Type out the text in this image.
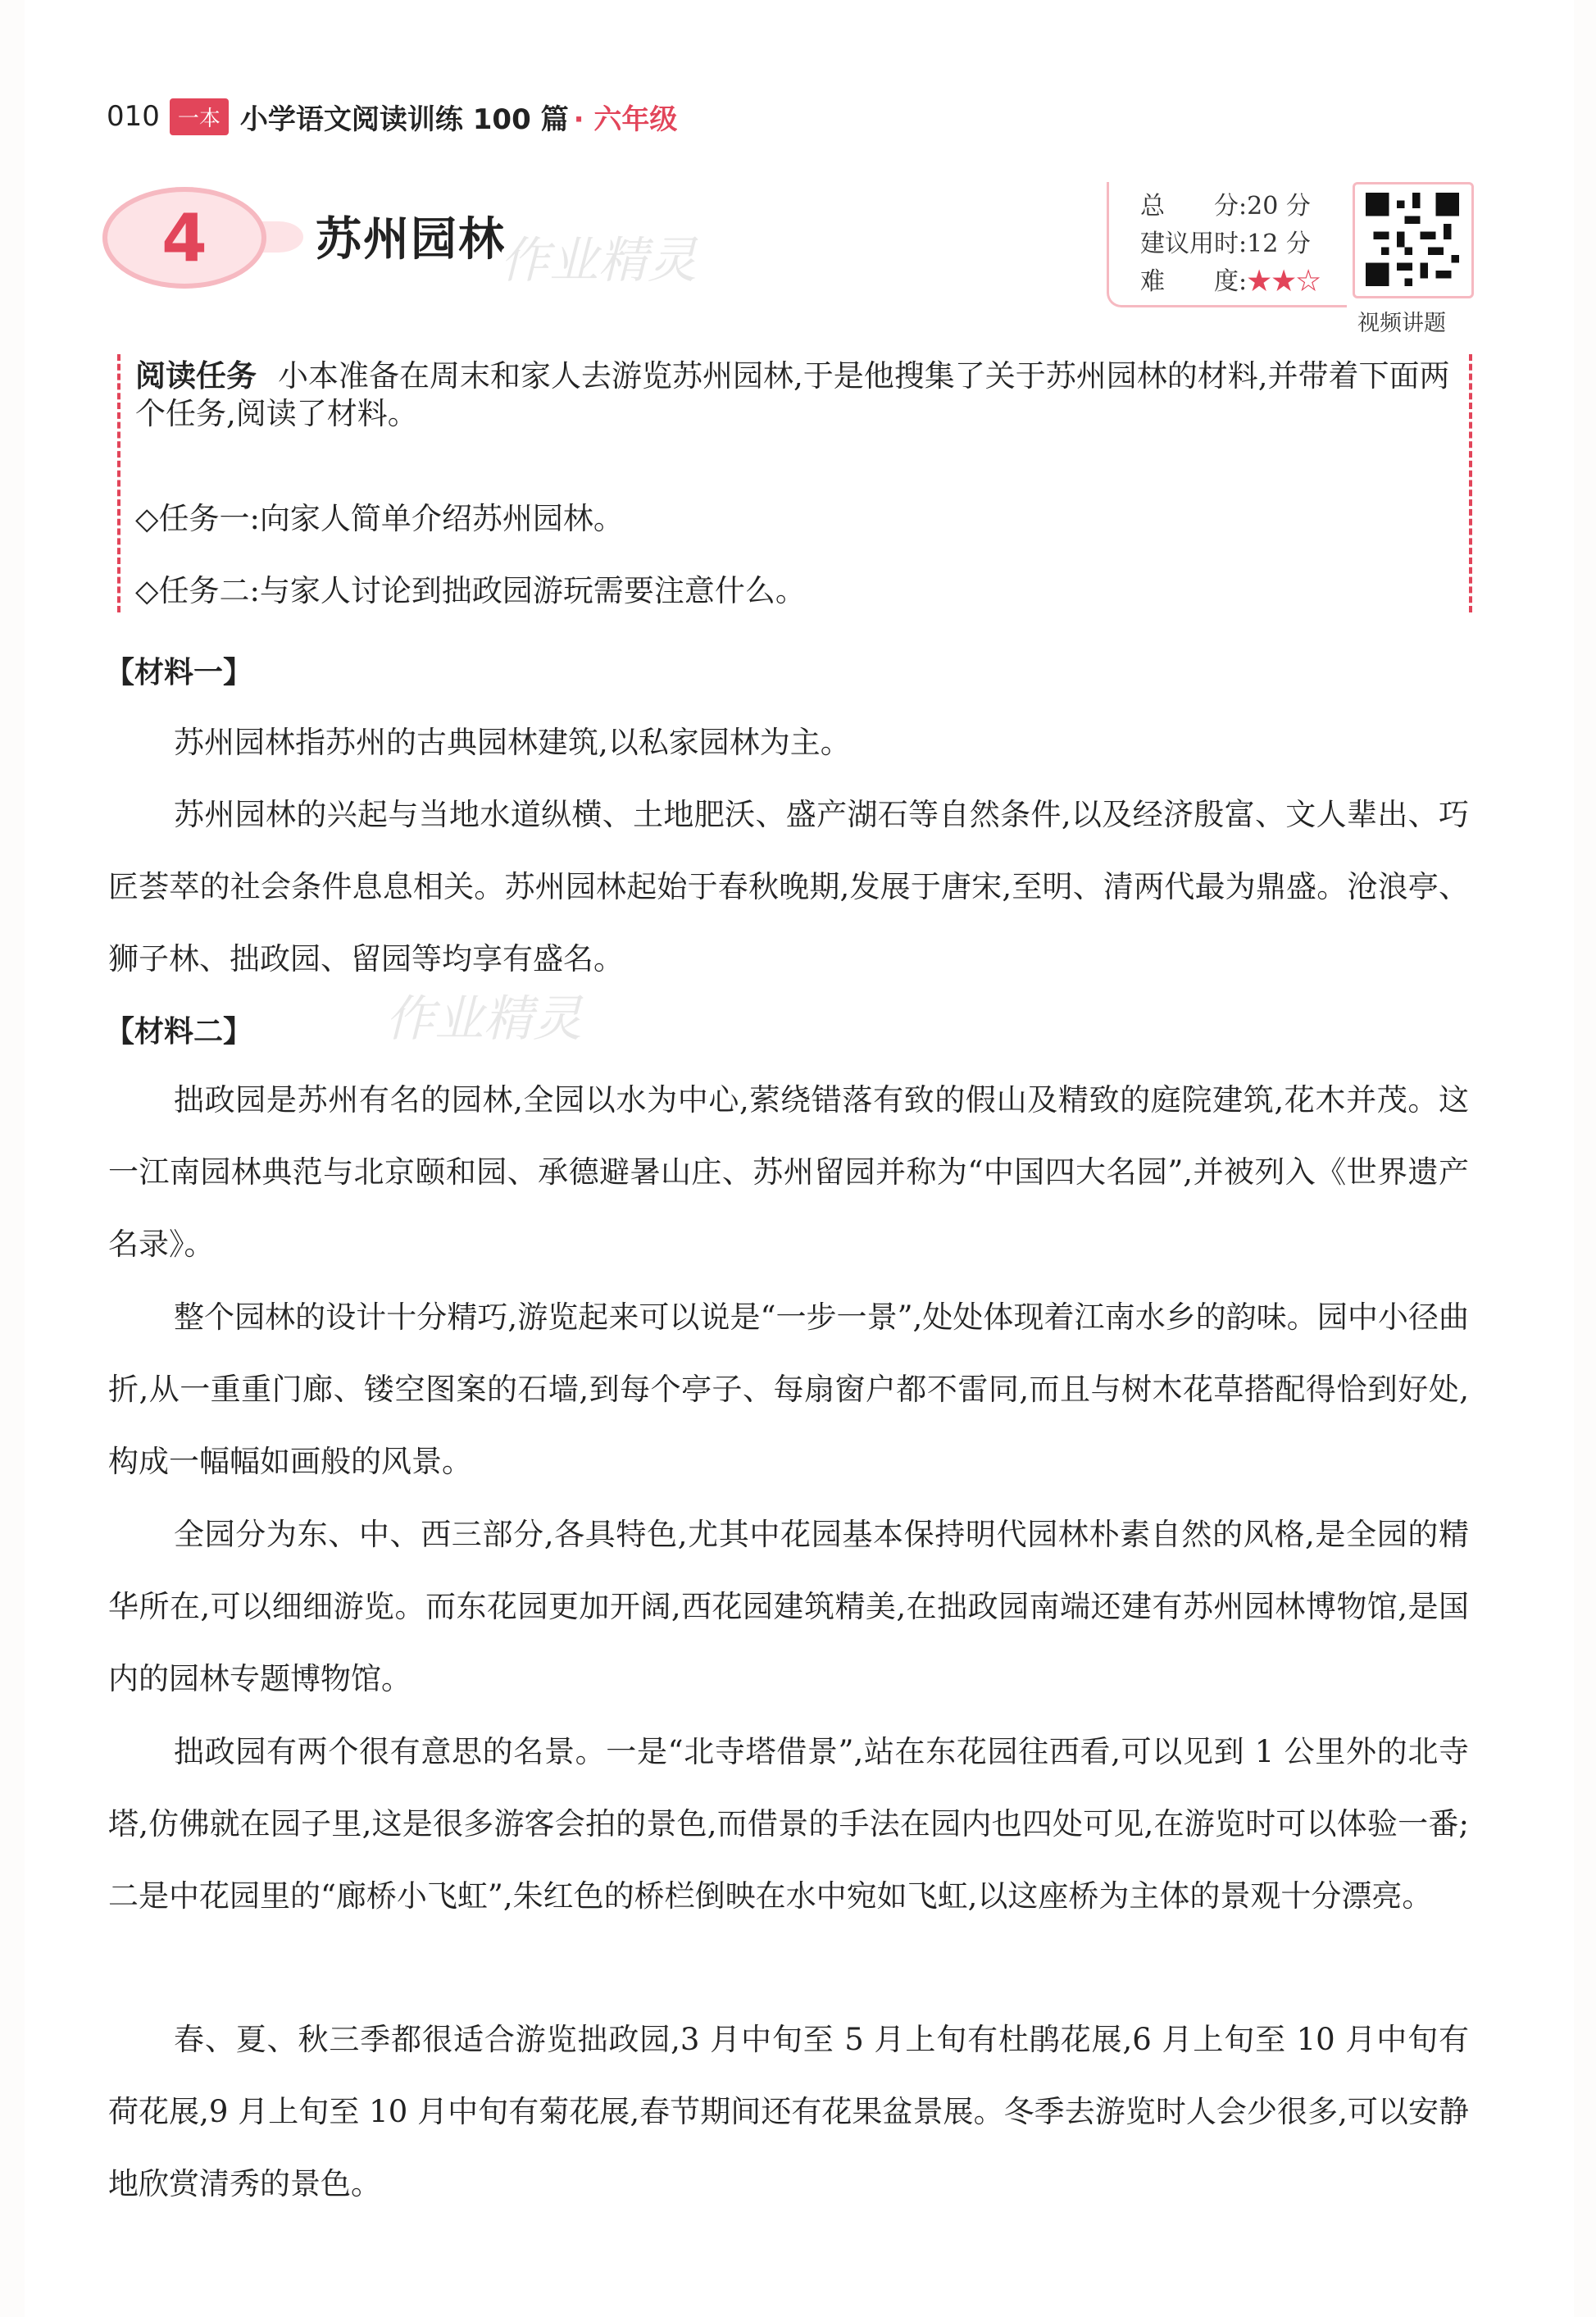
010 一本 小学语文阅读训练 100 篇 · 六年级
4	苏州园林
作业精灵
总　　分:20 分
建议用时:12 分
难　　度:★★☆
视频讲题

阅读任务 小本准备在周末和家人去游览苏州园林,于是他搜集了关于苏州园林的材料,并带着下面两个任务,阅读了材料。

◇任务一:向家人简单介绍苏州园林。

◇任务二:与家人讨论到拙政园游玩需要注意什么。

【材料一】

苏州园林指苏州的古典园林建筑,以私家园林为主。

苏州园林的兴起与当地水道纵横、土地肥沃、盛产湖石等自然条件,以及经济殷富、文人辈出、巧匠荟萃的社会条件息息相关。苏州园林起始于春秋晚期,发展于唐宋,至明、清两代最为鼎盛。沧浪亭、狮子林、拙政园、留园等均享有盛名。

【材料二】	作业精灵

拙政园是苏州有名的园林,全园以水为中心,萦绕错落有致的假山及精致的庭院建筑,花木并茂。这一江南园林典范与北京颐和园、承德避暑山庄、苏州留园并称为“中国四大名园”,并被列入《世界遗产名录》。

整个园林的设计十分精巧,游览起来可以说是“一步一景”,处处体现着江南水乡的韵味。园中小径曲折,从一重重门廊、镂空图案的石墙,到每个亭子、每扇窗户都不雷同,而且与树木花草搭配得恰到好处,构成一幅幅如画般的风景。

全园分为东、中、西三部分,各具特色,尤其中花园基本保持明代园林朴素自然的风格,是全园的精华所在,可以细细游览。而东花园更加开阔,西花园建筑精美,在拙政园南端还建有苏州园林博物馆,是国内的园林专题博物馆。

拙政园有两个很有意思的名景。一是“北寺塔借景”,站在东花园往西看,可以见到 1 公里外的北寺塔,仿佛就在园子里,这是很多游客会拍的景色,而借景的手法在园内也四处可见,在游览时可以体验一番;二是中花园里的“廊桥小飞虹”,朱红色的桥栏倒映在水中宛如飞虹,以这座桥为主体的景观十分漂亮。

春、夏、秋三季都很适合游览拙政园,3 月中旬至 5 月上旬有杜鹃花展,6 月上旬至 10 月中旬有荷花展,9 月上旬至 10 月中旬有菊花展,春节期间还有花果盆景展。冬季去游览时人会少很多,可以安静地欣赏清秀的景色。
